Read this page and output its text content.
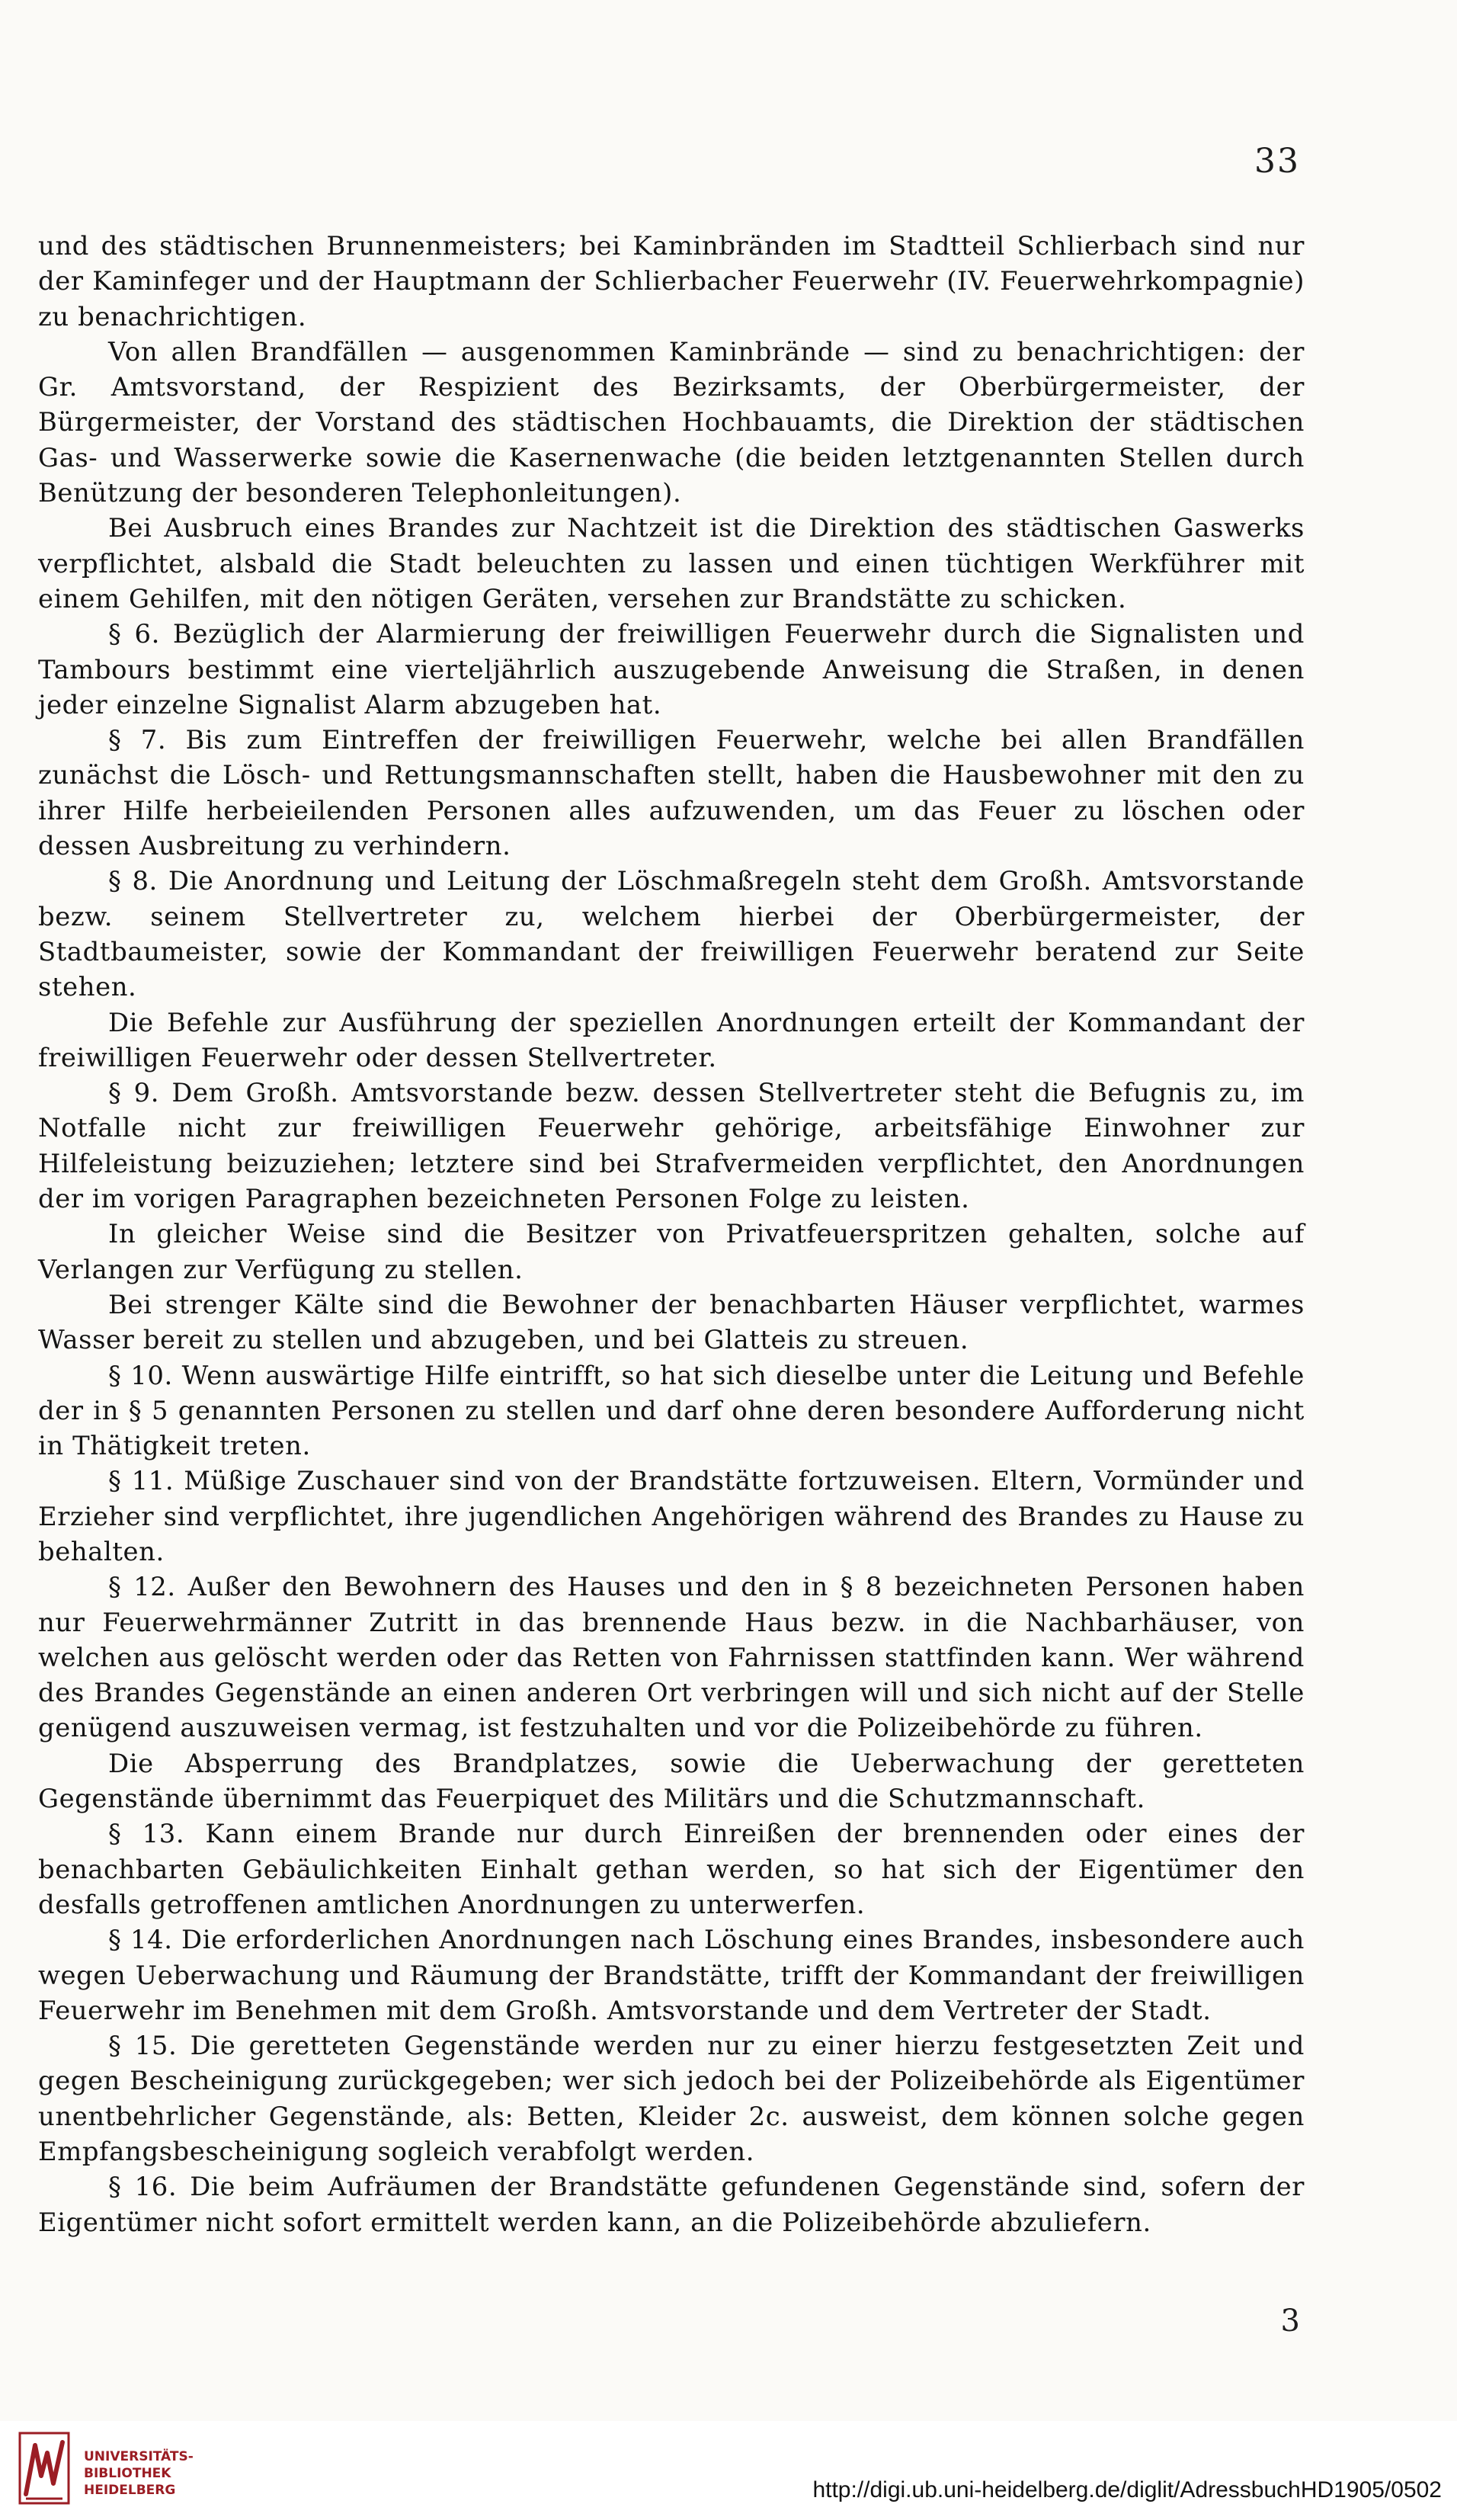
33

und des städtischen Brunnenmeisters; bei Kaminbränden im Stadtteil Schlierbach sind nur der Kaminfeger und der Hauptmann der Schlierbacher Feuerwehr (IV. Feuerwehrkompagnie) zu benachrichtigen.

Von allen Brandfällen — ausgenommen Kaminbrände — sind zu benachrichtigen: der Gr. Amtsvorstand, der Respizient des Bezirksamts, der Oberbürgermeister, der Bürgermeister, der Vorstand des städtischen Hochbauamts, die Direktion der städtischen Gas- und Wasserwerke sowie die Kasernenwache (die beiden letztgenannten Stellen durch Benützung der besonderen Telephonleitungen).

Bei Ausbruch eines Brandes zur Nachtzeit ist die Direktion des städtischen Gaswerks verpflichtet, alsbald die Stadt beleuchten zu lassen und einen tüchtigen Werkführer mit einem Gehilfen, mit den nötigen Geräten, versehen zur Brandstätte zu schicken.

§ 6. Bezüglich der Alarmierung der freiwilligen Feuerwehr durch die Signalisten und Tambours bestimmt eine vierteljährlich auszugebende Anweisung die Straßen, in denen jeder einzelne Signalist Alarm abzugeben hat.

§ 7. Bis zum Eintreffen der freiwilligen Feuerwehr, welche bei allen Brandfällen zunächst die Lösch- und Rettungsmannschaften stellt, haben die Hausbewohner mit den zu ihrer Hilfe herbeieilenden Personen alles aufzuwenden, um das Feuer zu löschen oder dessen Ausbreitung zu verhindern.

§ 8. Die Anordnung und Leitung der Löschmaßregeln steht dem Großh. Amtsvorstande bezw. seinem Stellvertreter zu, welchem hierbei der Oberbürgermeister, der Stadtbaumeister, sowie der Kommandant der freiwilligen Feuerwehr beratend zur Seite stehen.

Die Befehle zur Ausführung der speziellen Anordnungen erteilt der Kommandant der freiwilligen Feuerwehr oder dessen Stellvertreter.

§ 9. Dem Großh. Amtsvorstande bezw. dessen Stellvertreter steht die Befugnis zu, im Notfalle nicht zur freiwilligen Feuerwehr gehörige, arbeitsfähige Einwohner zur Hilfeleistung beizuziehen; letztere sind bei Strafvermeiden verpflichtet, den Anordnungen der im vorigen Paragraphen bezeichneten Personen Folge zu leisten.

In gleicher Weise sind die Besitzer von Privatfeuerspritzen gehalten, solche auf Verlangen zur Verfügung zu stellen.

Bei strenger Kälte sind die Bewohner der benachbarten Häuser verpflichtet, warmes Wasser bereit zu stellen und abzugeben, und bei Glatteis zu streuen.

§ 10. Wenn auswärtige Hilfe eintrifft, so hat sich dieselbe unter die Leitung und Befehle der in § 5 genannten Personen zu stellen und darf ohne deren besondere Aufforderung nicht in Thätigkeit treten.

§ 11. Müßige Zuschauer sind von der Brandstätte fortzuweisen. Eltern, Vormünder und Erzieher sind verpflichtet, ihre jugendlichen Angehörigen während des Brandes zu Hause zu behalten.

§ 12. Außer den Bewohnern des Hauses und den in § 8 bezeichneten Personen haben nur Feuerwehrmänner Zutritt in das brennende Haus bezw. in die Nachbarhäuser, von welchen aus gelöscht werden oder das Retten von Fahrnissen stattfinden kann. Wer während des Brandes Gegenstände an einen anderen Ort verbringen will und sich nicht auf der Stelle genügend auszuweisen vermag, ist festzuhalten und vor die Polizeibehörde zu führen.

Die Absperrung des Brandplatzes, sowie die Ueberwachung der geretteten Gegenstände übernimmt das Feuerpiquet des Militärs und die Schutzmannschaft.

§ 13. Kann einem Brande nur durch Einreißen der brennenden oder eines der benachbarten Gebäulichkeiten Einhalt gethan werden, so hat sich der Eigentümer den desfalls getroffenen amtlichen Anordnungen zu unterwerfen.

§ 14. Die erforderlichen Anordnungen nach Löschung eines Brandes, insbesondere auch wegen Ueberwachung und Räumung der Brandstätte, trifft der Kommandant der freiwilligen Feuerwehr im Benehmen mit dem Großh. Amtsvorstande und dem Vertreter der Stadt.

§ 15. Die geretteten Gegenstände werden nur zu einer hierzu festgesetzten Zeit und gegen Bescheinigung zurückgegeben; wer sich jedoch bei der Polizeibehörde als Eigentümer unentbehrlicher Gegenstände, als: Betten, Kleider 2c. ausweist, dem können solche gegen Empfangsbescheinigung sogleich verabfolgt werden.

§ 16. Die beim Aufräumen der Brandstätte gefundenen Gegenstände sind, sofern der Eigentümer nicht sofort ermittelt werden kann, an die Polizeibehörde abzuliefern.

3
UNIVERSITÄTS-
BIBLIOTHEK
HEIDELBERG	http://digi.ub.uni-heidelberg.de/diglit/AdressbuchHD1905/0502
